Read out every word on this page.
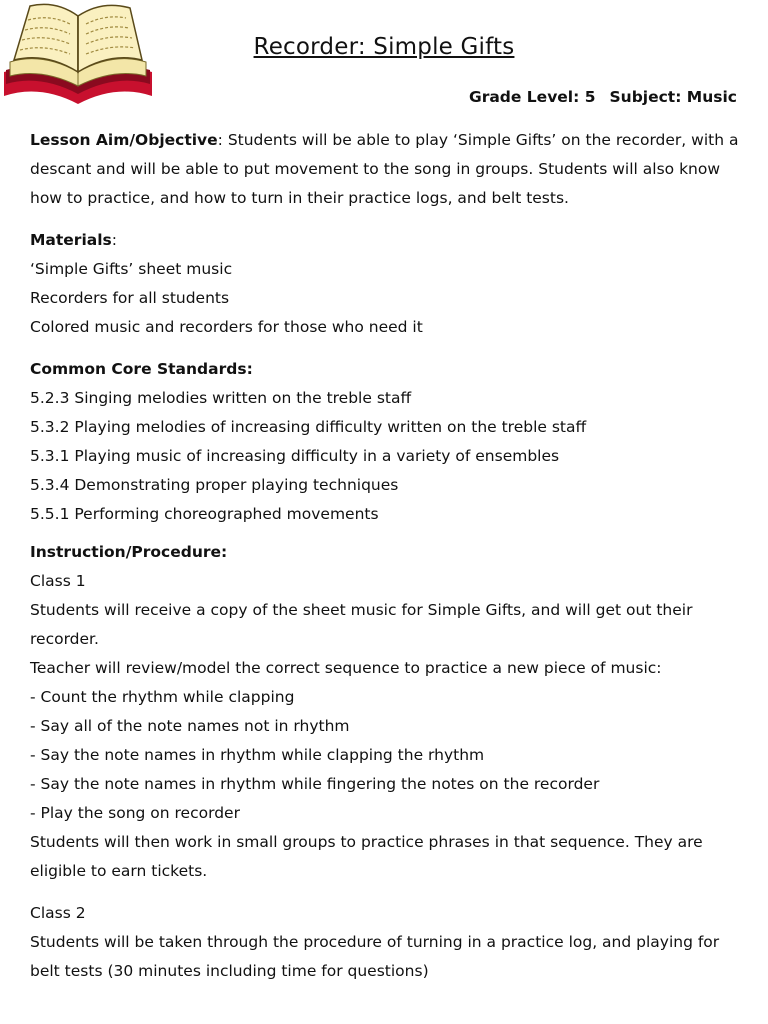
Recorder: Simple Gifts
Grade Level: 5 Subject: Music
Lesson Aim/Objective: Students will be able to play ‘Simple Gifts’ on the recorder, with a descant and will be able to put movement to the song in groups. Students will also know how to practice, and how to turn in their practice logs, and belt tests.
Materials:
‘Simple Gifts’ sheet music
Recorders for all students
Colored music and recorders for those who need it
Common Core Standards:
5.2.3 Singing melodies written on the treble staff
5.3.2 Playing melodies of increasing difficulty written on the treble staff
5.3.1 Playing music of increasing difficulty in a variety of ensembles
5.3.4 Demonstrating proper playing techniques
5.5.1 Performing choreographed movements
Instruction/Procedure:
Class 1
Students will receive a copy of the sheet music for Simple Gifts, and will get out their recorder.
Teacher will review/model the correct sequence to practice a new piece of music:
- Count the rhythm while clapping
- Say all of the note names not in rhythm
- Say the note names in rhythm while clapping the rhythm
- Say the note names in rhythm while fingering the notes on the recorder
- Play the song on recorder
Students will then work in small groups to practice phrases in that sequence. They are eligible to earn tickets.
Class 2
Students will be taken through the procedure of turning in a practice log, and playing for belt tests (30 minutes including time for questions)
